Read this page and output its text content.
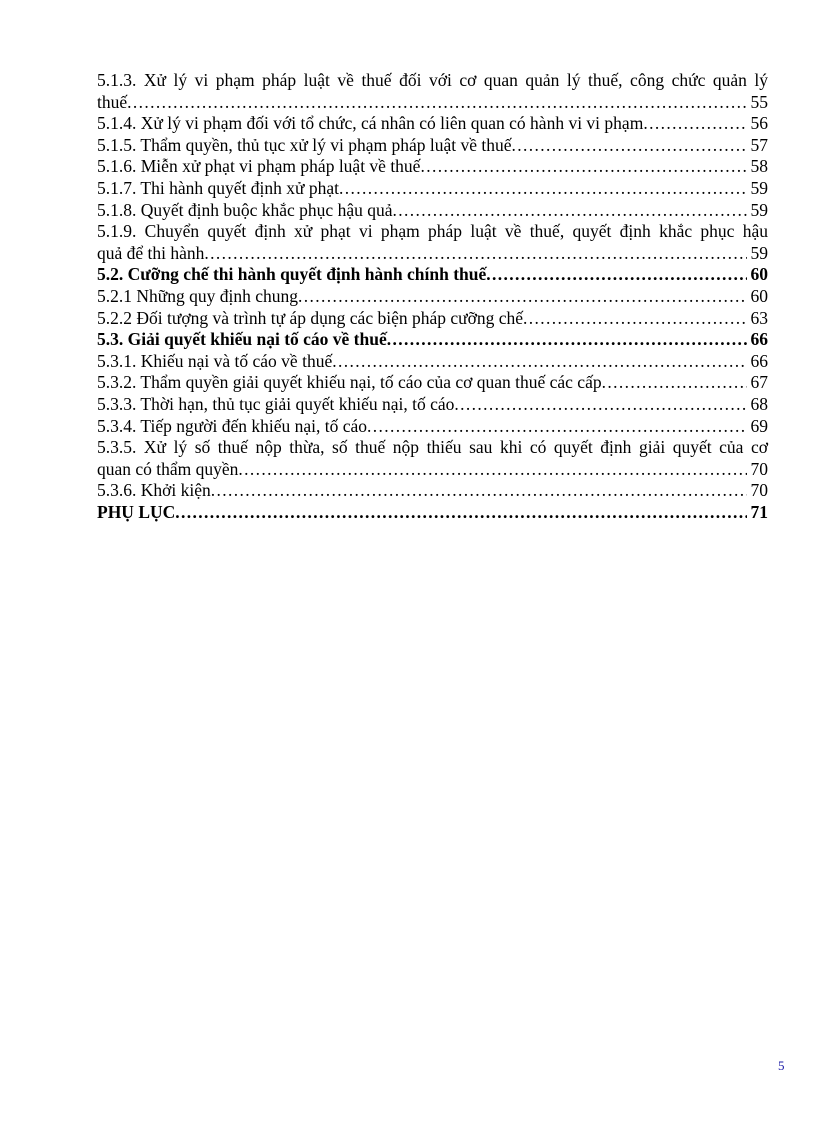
5.1.3. Xử lý vi phạm pháp luật về thuế đối với cơ quan quản lý thuế, công chức quản lý
thuế . . .	55
5.1.4. Xử lý vi phạm đối với tổ chức, cá nhân có liên quan có hành vi vi phạm . . .	56
5.1.5. Thẩm quyền, thủ tục xử lý vi phạm pháp luật về thuế . . .	57
5.1.6. Miễn xử phạt vi phạm pháp luật về thuế . . .	58
5.1.7. Thi hành quyết định xử phạt . . .	59
5.1.8. Quyết định buộc khắc phục hậu quả . . .	59
5.1.9. Chuyển quyết định xử phạt vi phạm pháp luật về thuế, quyết định khắc phục hậu
quả để thi hành . . .	59
5.2. Cưỡng chế thi hành quyết định hành chính thuế . . .	60
5.2.1 Những quy định chung . . .	60
5.2.2 Đối tượng và trình tự áp dụng các biện pháp cưỡng chế . . .	63
5.3. Giải quyết khiếu nại tố cáo về thuế . . .	66
5.3.1. Khiếu nại và tố cáo về thuế . . .	66
5.3.2. Thẩm quyền giải quyết khiếu nại, tố cáo của cơ quan thuế các cấp . . .	67
5.3.3. Thời hạn, thủ tục giải quyết khiếu nại, tố cáo . . .	68
5.3.4. Tiếp người đến khiếu nại, tố cáo . . .	69
5.3.5. Xử lý số thuế nộp thừa, số thuế nộp thiếu sau khi có quyết định giải quyết của cơ
quan có thẩm quyền . . .	70
5.3.6. Khởi kiện . . .	70
PHỤ LỤC . . .	71
5
